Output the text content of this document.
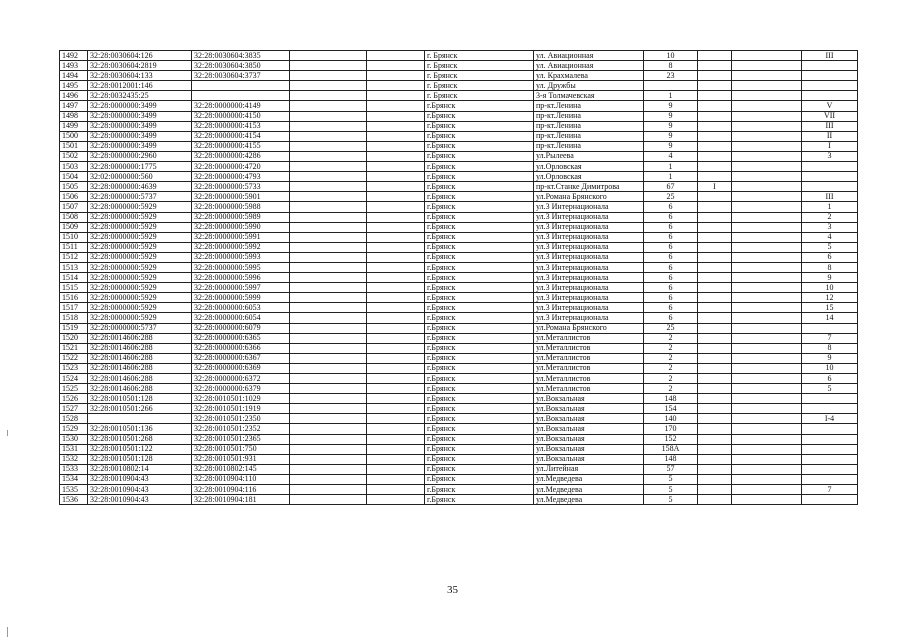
1492	32:28:0030604:126	32:28:0030604:3835			г. Брянск	ул. Авиационная	10			III
1493	32:28:0030604:2819	32:28:0030604:3850			г. Брянск	ул. Авиационная	8			
1494	32:28:0030604:133	32:28:0030604:3737			г. Брянск	ул. Крахмалева	23			
1495	32:28:0012001:146				г. Брянск	ул. Дружбы				
1496	32:28:0032435:25				г. Брянск	3-я Толмачевская	1			
1497	32:28:0000000:3499	32:28:0000000:4149			г.Брянск	пр-кт.Ленина	9			V
1498	32:28:0000000:3499	32:28:0000000:4150			г.Брянск	пр-кт.Ленина	9			VII
1499	32:28:0000000:3499	32:28:0000000:4153			г.Брянск	пр-кт.Ленина	9			III
1500	32:28:0000000:3499	32:28:0000000:4154			г.Брянск	пр-кт.Ленина	9			II
1501	32:28:0000000:3499	32:28:0000000:4155			г.Брянск	пр-кт.Ленина	9			I
1502	32:28:0000000:2960	32:28:0000000:4286			г.Брянск	ул.Рылеева	4			3
1503	32:28:0000000:1775	32:28:0000000:4720			г.Брянск	ул.Орловская	1			
1504	32:02:0000000:560	32:28:0000000:4793			г.Брянск	ул.Орловская	1			
1505	32:28:0000000:4639	32:28:0000000:5733			г.Брянск	пр-кт.Станке Димитрова	67	I		
1506	32:28:0000000:5737	32:28:0000000:5901			г.Брянск	ул.Романа Брянского	25			III
1507	32:28:0000000:5929	32:28:0000000:5988			г.Брянск	ул.3 Интернационала	6			1
1508	32:28:0000000:5929	32:28:0000000:5989			г.Брянск	ул.3 Интернационала	6			2
1509	32:28:0000000:5929	32:28:0000000:5990			г.Брянск	ул.3 Интернационала	6			3
1510	32:28:0000000:5929	32:28:0000000:5991			г.Брянск	ул.3 Интернационала	6			4
1511	32:28:0000000:5929	32:28:0000000:5992			г.Брянск	ул.3 Интернационала	6			5
1512	32:28:0000000:5929	32:28:0000000:5993			г.Брянск	ул.3 Интернационала	6			6
1513	32:28:0000000:5929	32:28:0000000:5995			г.Брянск	ул.3 Интернационала	6			8
1514	32:28:0000000:5929	32:28:0000000:5996			г.Брянск	ул.3 Интернационала	6			9
1515	32:28:0000000:5929	32:28:0000000:5997			г.Брянск	ул.3 Интернационала	6			10
1516	32:28:0000000:5929	32:28:0000000:5999			г.Брянск	ул.3 Интернационала	6			12
1517	32:28:0000000:5929	32:28:0000000:6053			г.Брянск	ул.3 Интернационала	6			15
1518	32:28:0000000:5929	32:28:0000000:6054			г.Брянск	ул.3 Интернационала	6			14
1519	32:28:0000000:5737	32:28:0000000:6079			г.Брянск	ул.Романа Брянского	25			
1520	32:28:0014606:288	32:28:0000000:6365			г.Брянск	ул.Металлистов	2			7
1521	32:28:0014606:288	32:28:0000000:6366			г.Брянск	ул.Металлистов	2			8
1522	32:28:0014606:288	32:28:0000000:6367			г.Брянск	ул.Металлистов	2			9
1523	32:28:0014606:288	32:28:0000000:6369			г.Брянск	ул.Металлистов	2			10
1524	32:28:0014606:288	32:28:0000000:6372			г.Брянск	ул.Металлистов	2			6
1525	32:28:0014606:288	32:28:0000000:6379			г.Брянск	ул.Металлистов	2			5
1526	32:28:0010501:128	32:28:0010501:1029			г.Брянск	ул.Вокзальная	148			
1527	32:28:0010501:266	32:28:0010501:1919			г.Брянск	ул.Вокзальная	154			
1528		32:28:0010501:2350			г.Брянск	ул.Вокзальная	140			I-4
1529	32:28:0010501:136	32:28:0010501:2352			г.Брянск	ул.Вокзальная	170			
1530	32:28:0010501:268	32:28:0010501:2365			г.Брянск	ул.Вокзальная	152			
1531	32:28:0010501:122	32:28:0010501:750			г.Брянск	ул.Вокзальная	158А			
1532	32:28:0010501:128	32:28:0010501:931			г.Брянск	ул.Вокзальная	148			
1533	32:28:0010802:14	32:28:0010802:145			г.Брянск	ул.Литейная	57			
1534	32:28:0010904:43	32:28:0010904:110			г.Брянск	ул.Медведева	5			
1535	32:28:0010904:43	32:28:0010904:116			г.Брянск	ул.Медведева	5			7
1536	32:28:0010904:43	32:28:0010904:181			г.Брянск	ул.Медведева	5			
35
